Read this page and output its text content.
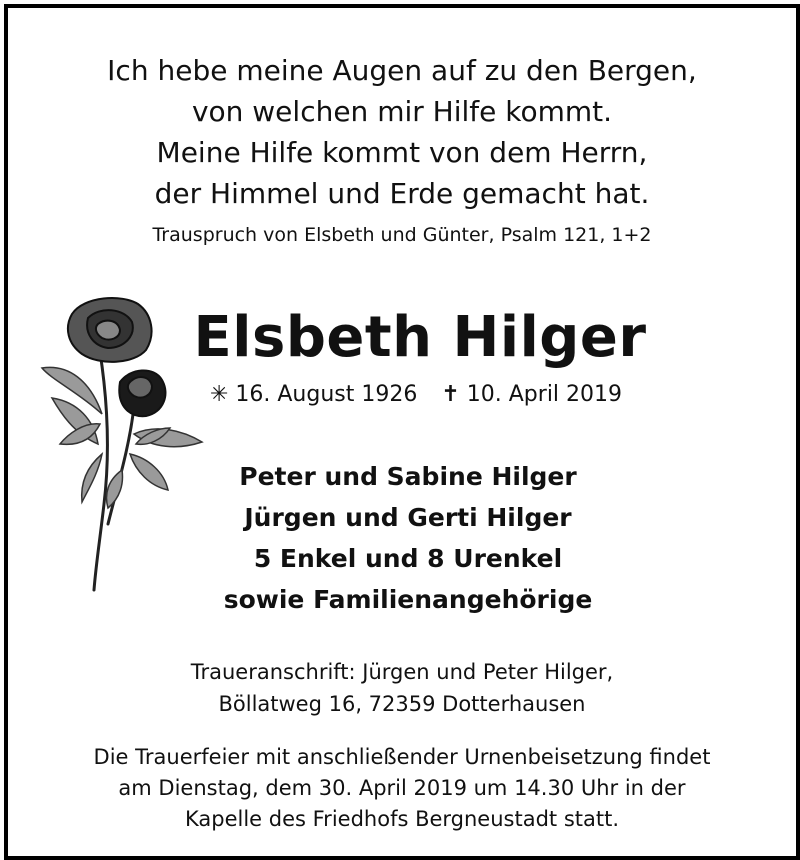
Ich hebe meine Augen auf zu den Bergen,
von welchen mir Hilfe kommt.
Meine Hilfe kommt von dem Herrn,
der Himmel und Erde gemacht hat.
Trauspruch von Elsbeth und Günter, Psalm 121, 1+2
Elsbeth Hilger
✳ 16. August 1926 ✝ 10. April 2019
Peter und Sabine Hilger
Jürgen und Gerti Hilger
5 Enkel und 8 Urenkel
sowie Familienangehörige
Traueranschrift: Jürgen und Peter Hilger,
Böllatweg 16, 72359 Dotterhausen
Die Trauerfeier mit anschließender Urnenbeisetzung findet
am Dienstag, dem 30. April 2019 um 14.30 Uhr in der
Kapelle des Friedhofs Bergneustadt statt.
